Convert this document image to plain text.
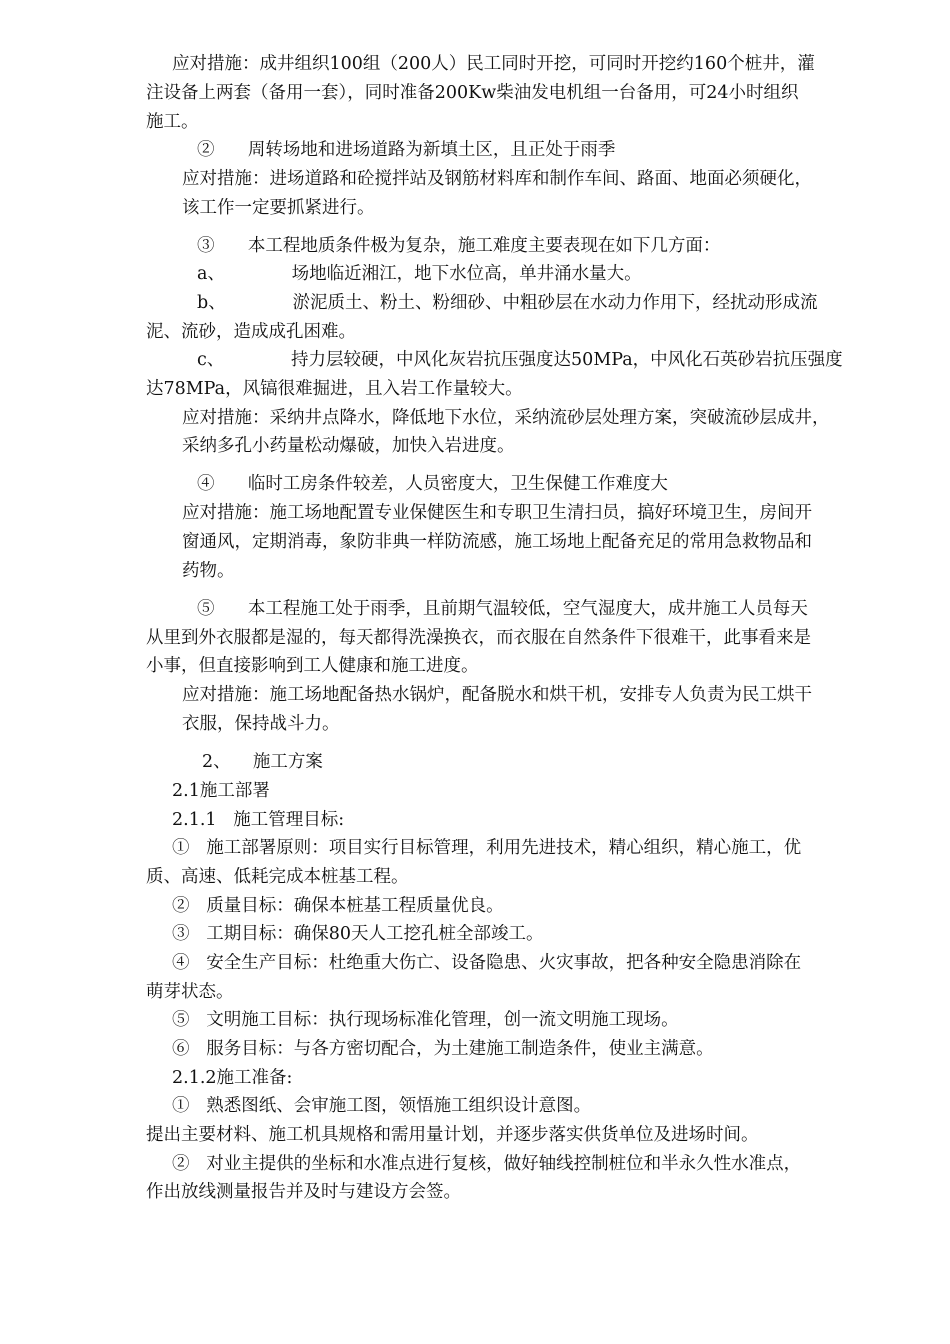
应对措施：成井组织100组（200人）民工同时开挖，可同时开挖约160个桩井，灌
注设备上两套（备用一套），同时准备200Kw柴油发电机组一台备用，可24小时组织
施工。
②      周转场地和进场道路为新填土区，且正处于雨季
应对措施：进场道路和砼搅拌站及钢筋材料库和制作车间、路面、地面必须硬化，
该工作一定要抓紧进行。
③      本工程地质条件极为复杂，施工难度主要表现在如下几方面：
a、            场地临近湘江，地下水位高，单井涌水量大。
b、            淤泥质土、粉土、粉细砂、中粗砂层在水动力作用下，经扰动形成流
泥、流砂，造成成孔困难。
c、            持力层较硬，中风化灰岩抗压强度达50MPa，中风化石英砂岩抗压强度
达78MPa，风镐很难掘进，且入岩工作量较大。
应对措施：采纳井点降水，降低地下水位，采纳流砂层处理方案，突破流砂层成井，
采纳多孔小药量松动爆破，加快入岩进度。
④      临时工房条件较差，人员密度大，卫生保健工作难度大
应对措施：施工场地配置专业保健医生和专职卫生清扫员，搞好环境卫生，房间开
窗通风，定期消毒，象防非典一样防流感，施工场地上配备充足的常用急救物品和
药物。
⑤      本工程施工处于雨季，且前期气温较低，空气湿度大，成井施工人员每天
从里到外衣服都是湿的，每天都得洗澡换衣，而衣服在自然条件下很难干，此事看来是
小事，但直接影响到工人健康和施工进度。
应对措施：施工场地配备热水锅炉，配备脱水和烘干机，安排专人负责为民工烘干
衣服，保持战斗力。
2、    施工方案
2.1施工部署
2.1.1   施工管理目标:
①   施工部署原则：项目实行目标管理，利用先进技术，精心组织，精心施工，优
质、高速、低耗完成本桩基工程。
②   质量目标：确保本桩基工程质量优良。
③   工期目标：确保80天人工挖孔桩全部竣工。
④   安全生产目标：杜绝重大伤亡、设备隐患、火灾事故，把各种安全隐患消除在
萌芽状态。
⑤   文明施工目标：执行现场标准化管理，创一流文明施工现场。
⑥   服务目标：与各方密切配合，为土建施工制造条件，使业主满意。
2.1.2施工准备:
①   熟悉图纸、会审施工图，领悟施工组织设计意图。
提出主要材料、施工机具规格和需用量计划，并逐步落实供货单位及进场时间。
②   对业主提供的坐标和水准点进行复核，做好轴线控制桩位和半永久性水准点，
作出放线测量报告并及时与建设方会签。
